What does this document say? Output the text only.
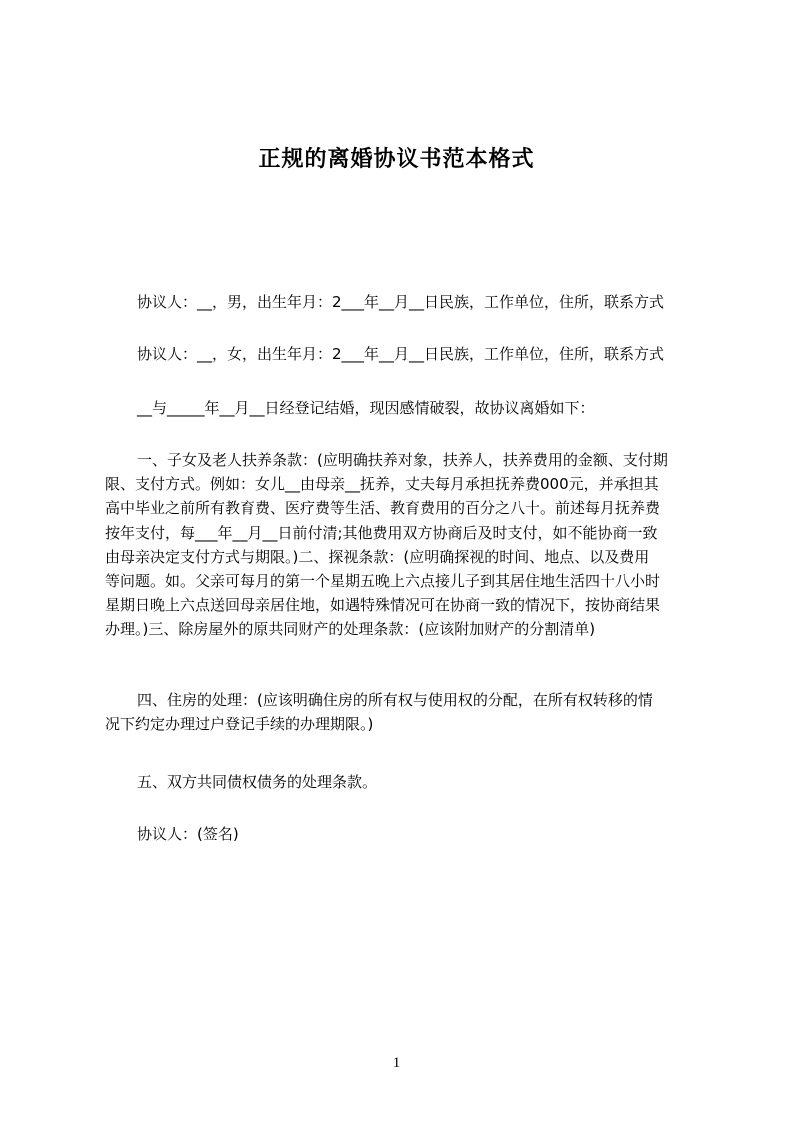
正规的离婚协议书范本格式

协议人：__，男，出生年月：2___年__月__日民族，工作单位，住所，联系方式

协议人：__，女，出生年月：2___年__月__日民族，工作单位，住所，联系方式

__与_____年__月__日经登记结婚，现因感情破裂，故协议离婚如下：

一、子女及老人扶养条款：(应明确扶养对象，扶养人，扶养费用的金额、支付期
限、支付方式。例如：女儿__由母亲__抚养，丈夫每月承担抚养费000元，并承担其
高中毕业之前所有教育费、医疗费等生活、教育费用的百分之八十。前述每月抚养费
按年支付，每___年__月__日前付清;其他费用双方协商后及时支付，如不能协商一致
由母亲决定支付方式与期限。)二、探视条款：(应明确探视的时间、地点、以及费用
等问题。如。父亲可每月的第一个星期五晚上六点接儿子到其居住地生活四十八小时
星期日晚上六点送回母亲居住地，如遇特殊情况可在协商一致的情况下，按协商结果
办理。)三、除房屋外的原共同财产的处理条款：(应该附加财产的分割清单)

四、住房的处理：(应该明确住房的所有权与使用权的分配，在所有权转移的情
况下约定办理过户登记手续的办理期限。)

五、双方共同债权债务的处理条款。

协议人：(签名)

1
